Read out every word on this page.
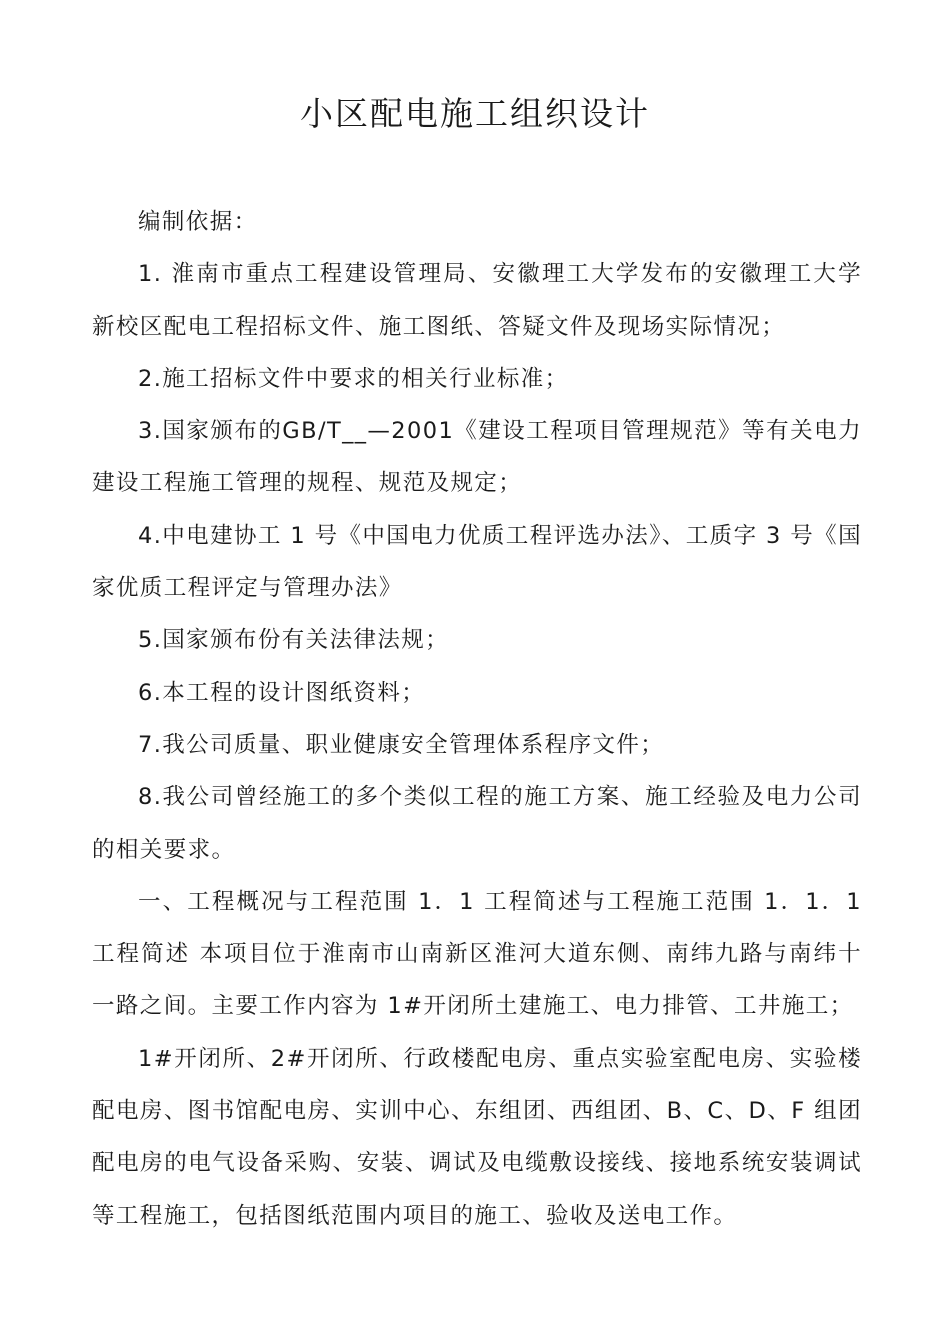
小区配电施工组织设计

编制依据：

1. 淮南市重点工程建设管理局、安徽理工大学发布的安徽理工大学新校区配电工程招标文件、施工图纸、答疑文件及现场实际情况；

2.施工招标文件中要求的相关行业标准；

3.国家颁布的GB/T__—2001《建设工程项目管理规范》等有关电力建设工程施工管理的规程、规范及规定；

4.中电建协工 1 号《中国电力优质工程评选办法》、工质字 3 号《国家优质工程评定与管理办法》

5.国家颁布份有关法律法规；

6.本工程的设计图纸资料；

7.我公司质量、职业健康安全管理体系程序文件；

8.我公司曾经施工的多个类似工程的施工方案、施工经验及电力公司的相关要求。

一、工程概况与工程范围 1．1 工程简述与工程施工范围 1．1．1 工程简述 本项目位于淮南市山南新区淮河大道东侧、南纬九路与南纬十一路之间。主要工作内容为 1#开闭所土建施工、电力排管、工井施工；

1#开闭所、2#开闭所、行政楼配电房、重点实验室配电房、实验楼配电房、图书馆配电房、实训中心、东组团、西组团、B、C、D、F 组团配电房的电气设备采购、安装、调试及电缆敷设接线、接地系统安装调试等工程施工，包括图纸范围内项目的施工、验收及送电工作。
